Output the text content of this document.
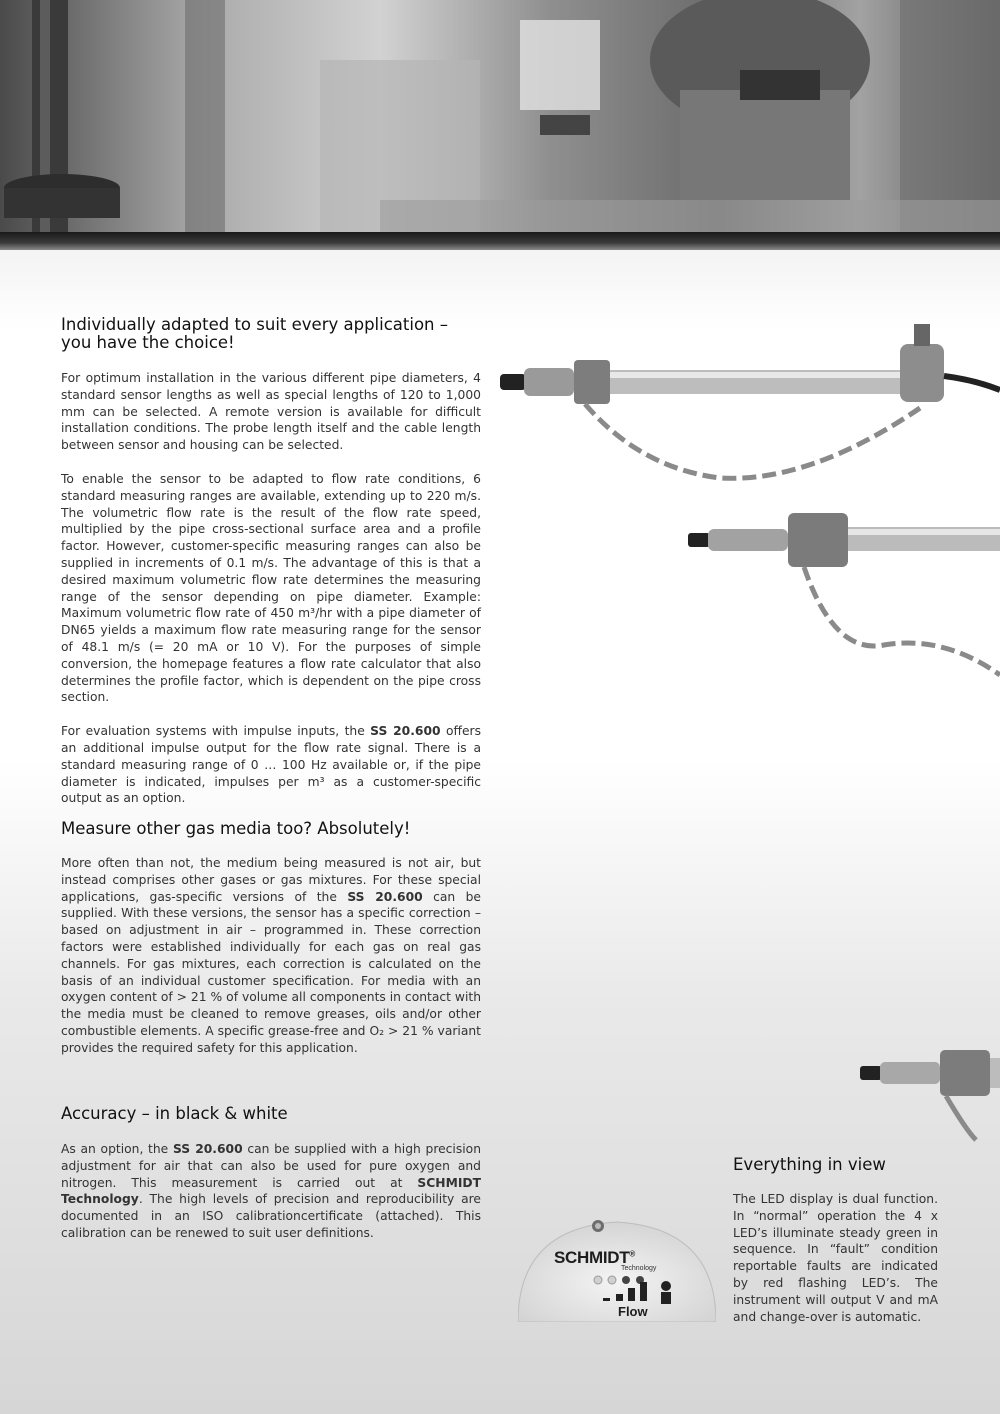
Individually adapted to suit every application – you have the choice!

For optimum installation in the various different pipe diameters, 4 standard sensor lengths as well as special lengths of 120 to 1,000 mm can be selected. A remote version is available for difficult installation conditions. The probe length itself and the cable length between sensor and housing can be selected.

To enable the sensor to be adapted to flow rate conditions, 6 standard measuring ranges are available, extending up to 220 m/s. The volumetric flow rate is the result of the flow rate speed, multiplied by the pipe cross-sectional surface area and a profile factor. However, customer-specific measuring ranges can also be supplied in increments of 0.1 m/s. The advantage of this is that a desired maximum volumetric flow rate determines the measuring range of the sensor depending on pipe diameter. Example: Maximum volumetric flow rate of 450 m³/hr with a pipe diameter of DN65 yields a maximum flow rate measuring range for the sensor of 48.1 m/s (= 20 mA or 10 V). For the purposes of simple conversion, the homepage features a flow rate calculator that also determines the profile factor, which is dependent on the pipe cross section.

For evaluation systems with impulse inputs, the SS 20.600 offers an additional impulse output for the flow rate signal. There is a standard measuring range of 0 … 100 Hz available or, if the pipe diameter is indicated, impulses per m³ as a customer-specific output as an option.

Measure other gas media too? Absolutely!

More often than not, the medium being measured is not air, but instead comprises other gases or gas mixtures. For these special applications, gas-specific versions of the SS 20.600 can be supplied. With these versions, the sensor has a specific correction – based on adjustment in air – programmed in. These correction factors were established individually for each gas on real gas channels. For gas mixtures, each correction is calculated on the basis of an individual customer specification. For media with an oxygen content of > 21 % of volume all components in contact with the media must be cleaned to remove greases, oils and/or other combustible elements. A specific grease-free and O₂ > 21 % variant provides the required safety for this application.

Accuracy – in black & white

As an option, the SS 20.600 can be supplied with a high precision adjustment for air that can also be used for pure oxygen and nitrogen. This measurement is carried out at SCHMIDT Technology. The high levels of precision and reproducibility are documented in an ISO calibrationcertificate (attached). This calibration can be renewed to suit user definitions.

Everything in view

The LED display is dual function. In “normal” operation the 4 x LED’s illuminate steady green in sequence. In “fault” condition reportable faults are indicated by red flashing LED’s. The instrument will output V and mA and change-over is automatic.

SCHMIDT®
Technology
Flow
